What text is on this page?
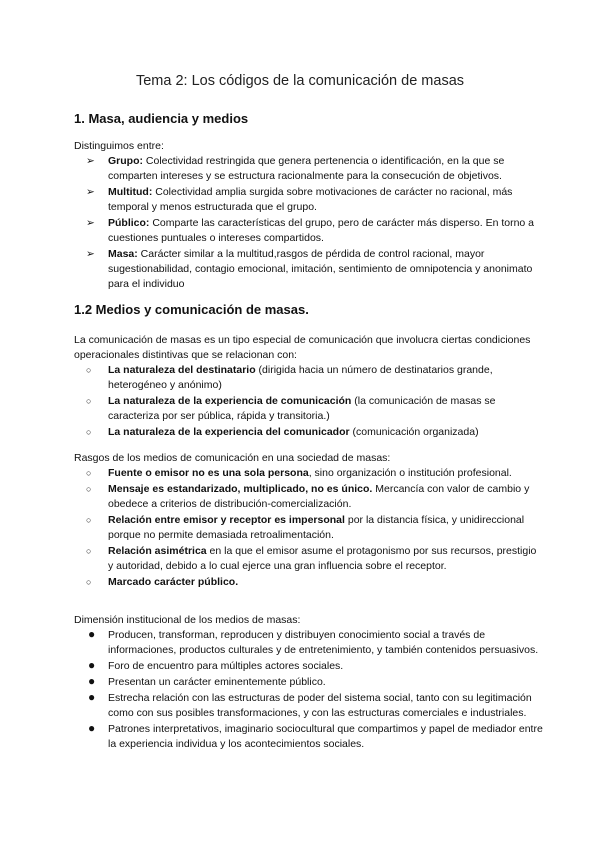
Tema 2: Los códigos de la comunicación de masas
1. Masa, audiencia y medios

Distinguimos entre:

➢ Grupo: Colectividad restringida que genera pertenencia o identificación, en la que se comparten intereses y se estructura racionalmente para la consecución de objetivos.
➢ Multitud: Colectividad amplia surgida sobre motivaciones de carácter no racional, más temporal y menos estructurada que el grupo.
➢ Público: Comparte las características del grupo, pero de carácter más disperso. En torno a cuestiones puntuales o intereses compartidos.
➢ Masa: Carácter similar a la multitud,rasgos de pérdida de control racional, mayor sugestionabilidad, contagio emocional, imitación, sentimiento de omnipotencia y anonimato para el individuo
1.2 Medios y comunicación de masas.

La comunicación de masas es un tipo especial de comunicación que involucra ciertas condiciones operacionales distintivas que se relacionan con:

○ La naturaleza del destinatario (dirigida hacia un número de destinatarios grande, heterogéneo y anónimo)
○ La naturaleza de la experiencia de comunicación (la comunicación de masas se caracteriza por ser pública, rápida y transitoria.)
○ La naturaleza de la experiencia del comunicador (comunicación organizada)

Rasgos de los medios de comunicación en una sociedad de masas:

○ Fuente o emisor no es una sola persona, sino organización o institución profesional.
○ Mensaje es estandarizado, multiplicado, no es único. Mercancía con valor de cambio y obedece a criterios de distribución-comercialización.
○ Relación entre emisor y receptor es impersonal por la distancia física, y unidireccional porque no permite demasiada retroalimentación.
○ Relación asimétrica en la que el emisor asume el protagonismo por sus recursos, prestigio y autoridad, debido a lo cual ejerce una gran influencia sobre el receptor.
○ Marcado carácter público.

Dimensión institucional de los medios de masas:

● Producen, transforman, reproducen y distribuyen conocimiento social a través de informaciones, productos culturales y de entretenimiento, y también contenidos persuasivos.
● Foro de encuentro para múltiples actores sociales.
● Presentan un carácter eminentemente público.
● Estrecha relación con las estructuras de poder del sistema social, tanto con su legitimación como con sus posibles transformaciones, y con las estructuras comerciales e industriales.
● Patrones interpretativos, imaginario sociocultural que compartimos y papel de mediador entre la experiencia individua y los acontecimientos sociales.
